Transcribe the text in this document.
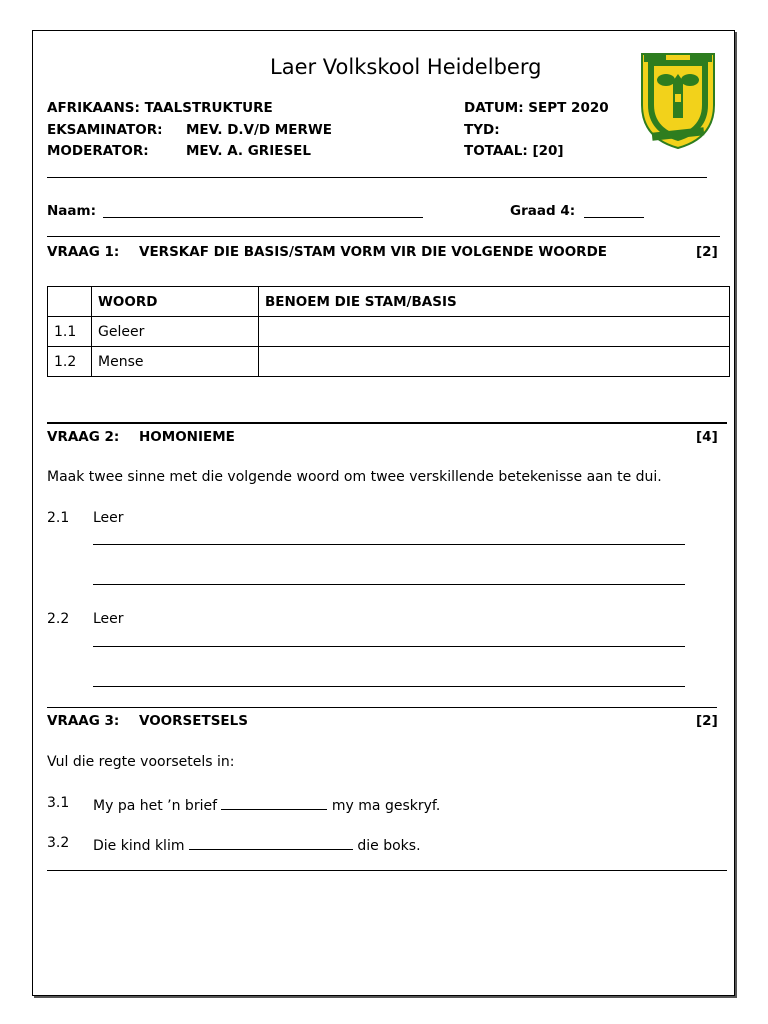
Laer Volkskool Heidelberg
AFRIKAANS: TAALSTRUKTURE
EKSAMINATOR: MEV. D.V/D MERWE
MODERATOR:	MEV. A. GRIESEL
DATUM: SEPT 2020
TYD:
TOTAAL: [20]
Naam:	Graad 4:
VRAAG 1: VERSKAF DIE BASIS/STAM VORM VIR DIE VOLGENDE WOORDE	[2]
	WOORD	BENOEM DIE STAM/BASIS
1.1	Geleer	
1.2	Mense	
VRAAG 2: HOMONIEME	[4]
Maak twee sinne met die volgende woord om twee verskillende betekenisse aan te dui.
2.1 Leer
2.2 Leer
VRAAG 3: VOORSETSELS	[2]
Vul die regte voorsetels in:
3.1 My pa het ’n brief	my ma geskryf.
3.2 Die kind klim	die boks.
